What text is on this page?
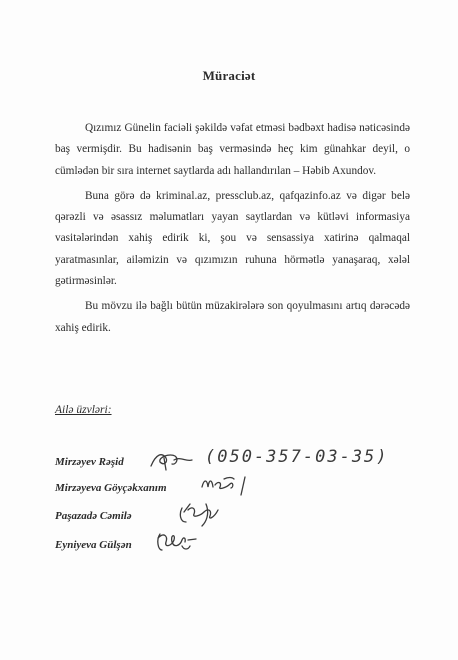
Müraciət

Qızımız Günelin faciəli şəkildə vəfat etməsi bədbəxt hadisə nəticəsində baş vermişdir. Bu hadisənin baş verməsində heç kim günahkar deyil, o cümlədən bir sıra internet saytlarda adı hallandırılan – Həbib Axundov.

Buna görə də kriminal.az, pressclub.az, qafqazinfo.az və digər belə qərəzli və əsassız məlumatları yayan saytlardan və kütləvi informasiya vasitələrindən xahiş edirik ki, şou və sensassiya xatirinə qalmaqal yaratmasınlar, ailəmizin və qızımızın ruhuna hörmətlə yanaşaraq, xələl gətirməsinlər.

Bu mövzu ilə bağlı bütün müzakirələrə son qoyulmasını artıq dərəcədə xahiş edirik.

Ailə üzvləri:
Mirzəyev Rəşid
Mirzəyeva Göyçəkxanım
Paşazadə Cəmilə
Eyniyeva Gülşən
(050-357-03-35)
